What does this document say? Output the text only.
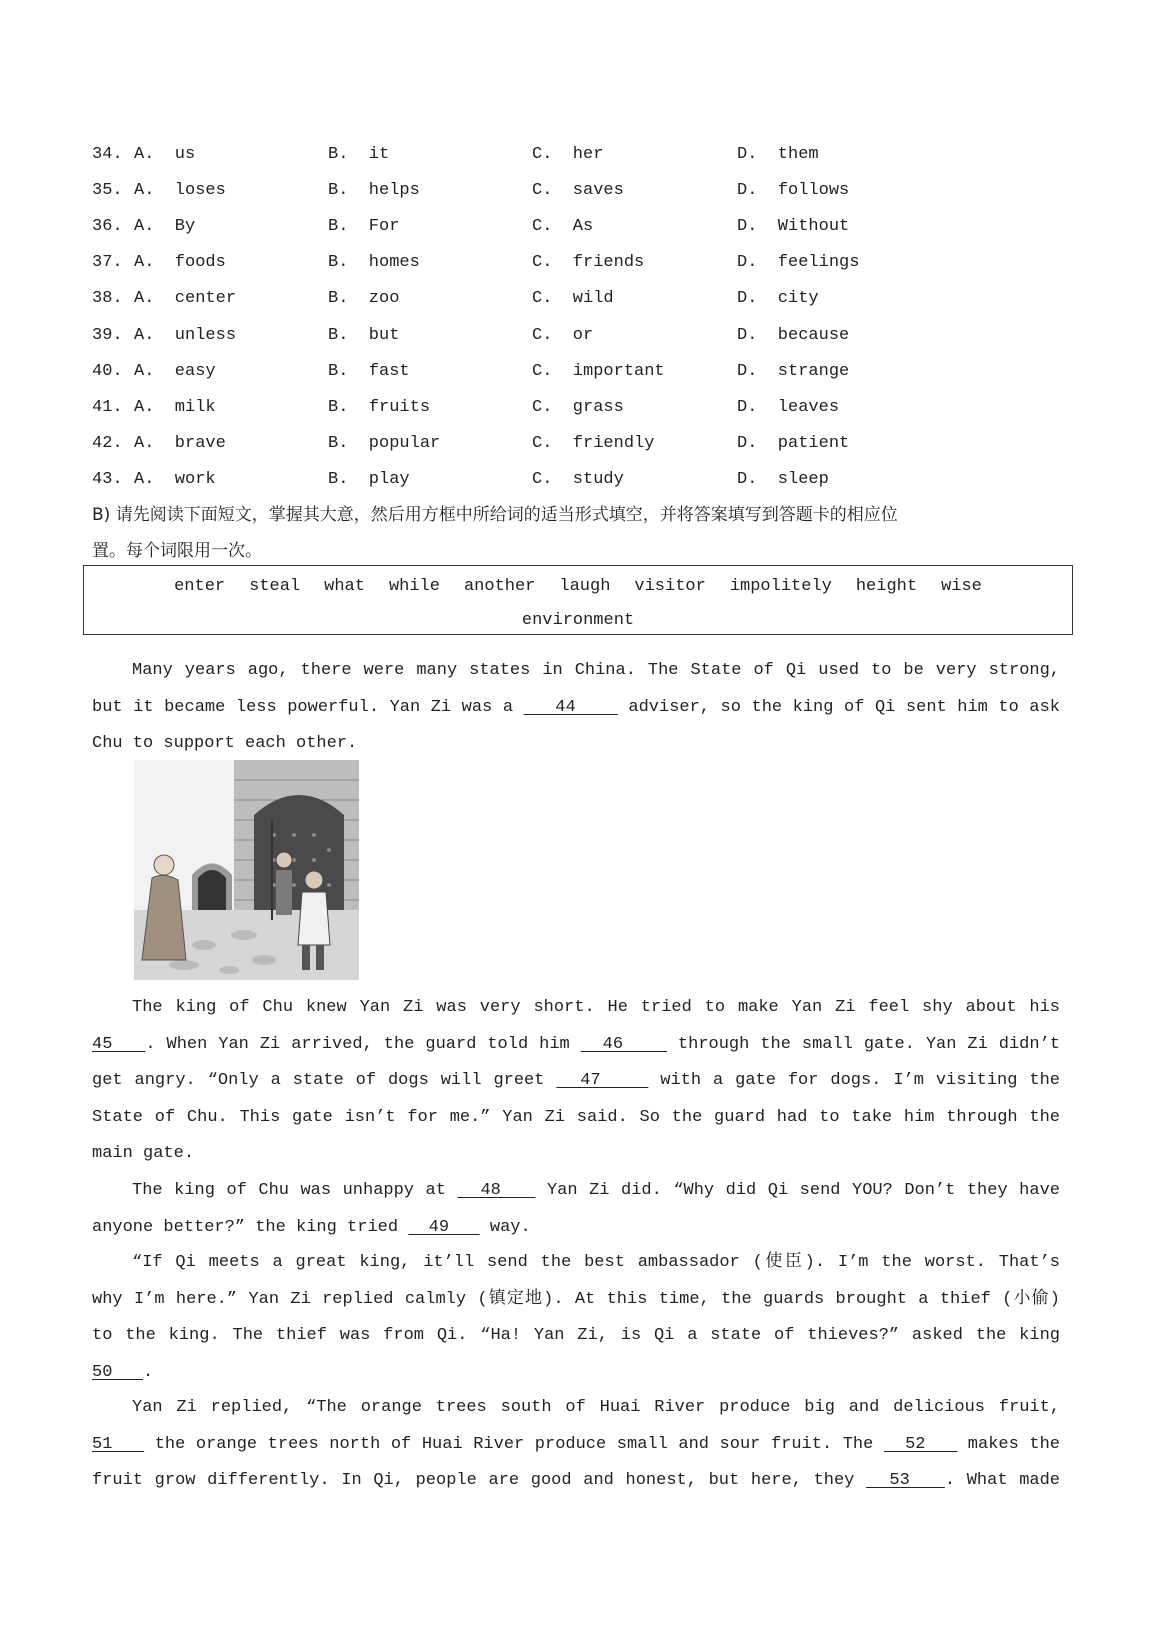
34. A.  us	B.  it	C.  her	D.  them
35. A.  loses	B.  helps	C.  saves	D.  follows
36. A.  By	B.  For	C.  As	D.  Without
37. A.  foods	B.  homes	C.  friends	D.  feelings
38. A.  center	B.  zoo	C.  wild	D.  city
39. A.  unless	B.  but	C.  or	D.  because
40. A.  easy	B.  fast	C.  important	D.  strange
41. A.  milk	B.  fruits	C.  grass	D.  leaves
42. A.  brave	B.  popular	C.  friendly	D.  patient
43. A.  work	B.  play	C.  study	D.  sleep
B) 请先阅读下面短文，掌握其大意，然后用方框中所给词的适当形式填空，并将答案填写到答题卡的相应位
置。每个词限用一次。
enter steal what while another laugh visitor impolitely height wise
environment
Many years ago, there were many states in China. The State of Qi used to be very strong,
but it became less powerful. Yan Zi was a    44     adviser, so the king of Qi sent him to ask
Chu to support each other.
The king of Chu knew Yan Zi was very short. He tried to make Yan Zi feel shy about his
45   . When Yan Zi arrived, the guard told him   46     through the small gate. Yan Zi didn’t
get angry. “Only a state of dogs will greet   47     with a gate for dogs. I’m visiting the
State of Chu. This gate isn’t for me.” Yan Zi said. So the guard had to take him through the
main gate.
The king of Chu was unhappy at   48    Yan Zi did. “Why did Qi send YOU? Don’t they have
anyone better?” the king tried   49    way.
“If Qi meets a great king, it’ll send the best ambassador (使臣). I’m the worst. That’s
why I’m here.” Yan Zi replied calmly (镇定地). At this time, the guards brought a thief (小偷)
to the king. The thief was from Qi. “Ha! Yan Zi, is Qi a state of thieves?” asked the king
50   .
Yan Zi replied, “The orange trees south of Huai River produce big and delicious fruit,
51    the orange trees north of Huai River produce small and sour fruit. The   52    makes the
fruit grow differently. In Qi, people are good and honest, but here, they   53   . What made
